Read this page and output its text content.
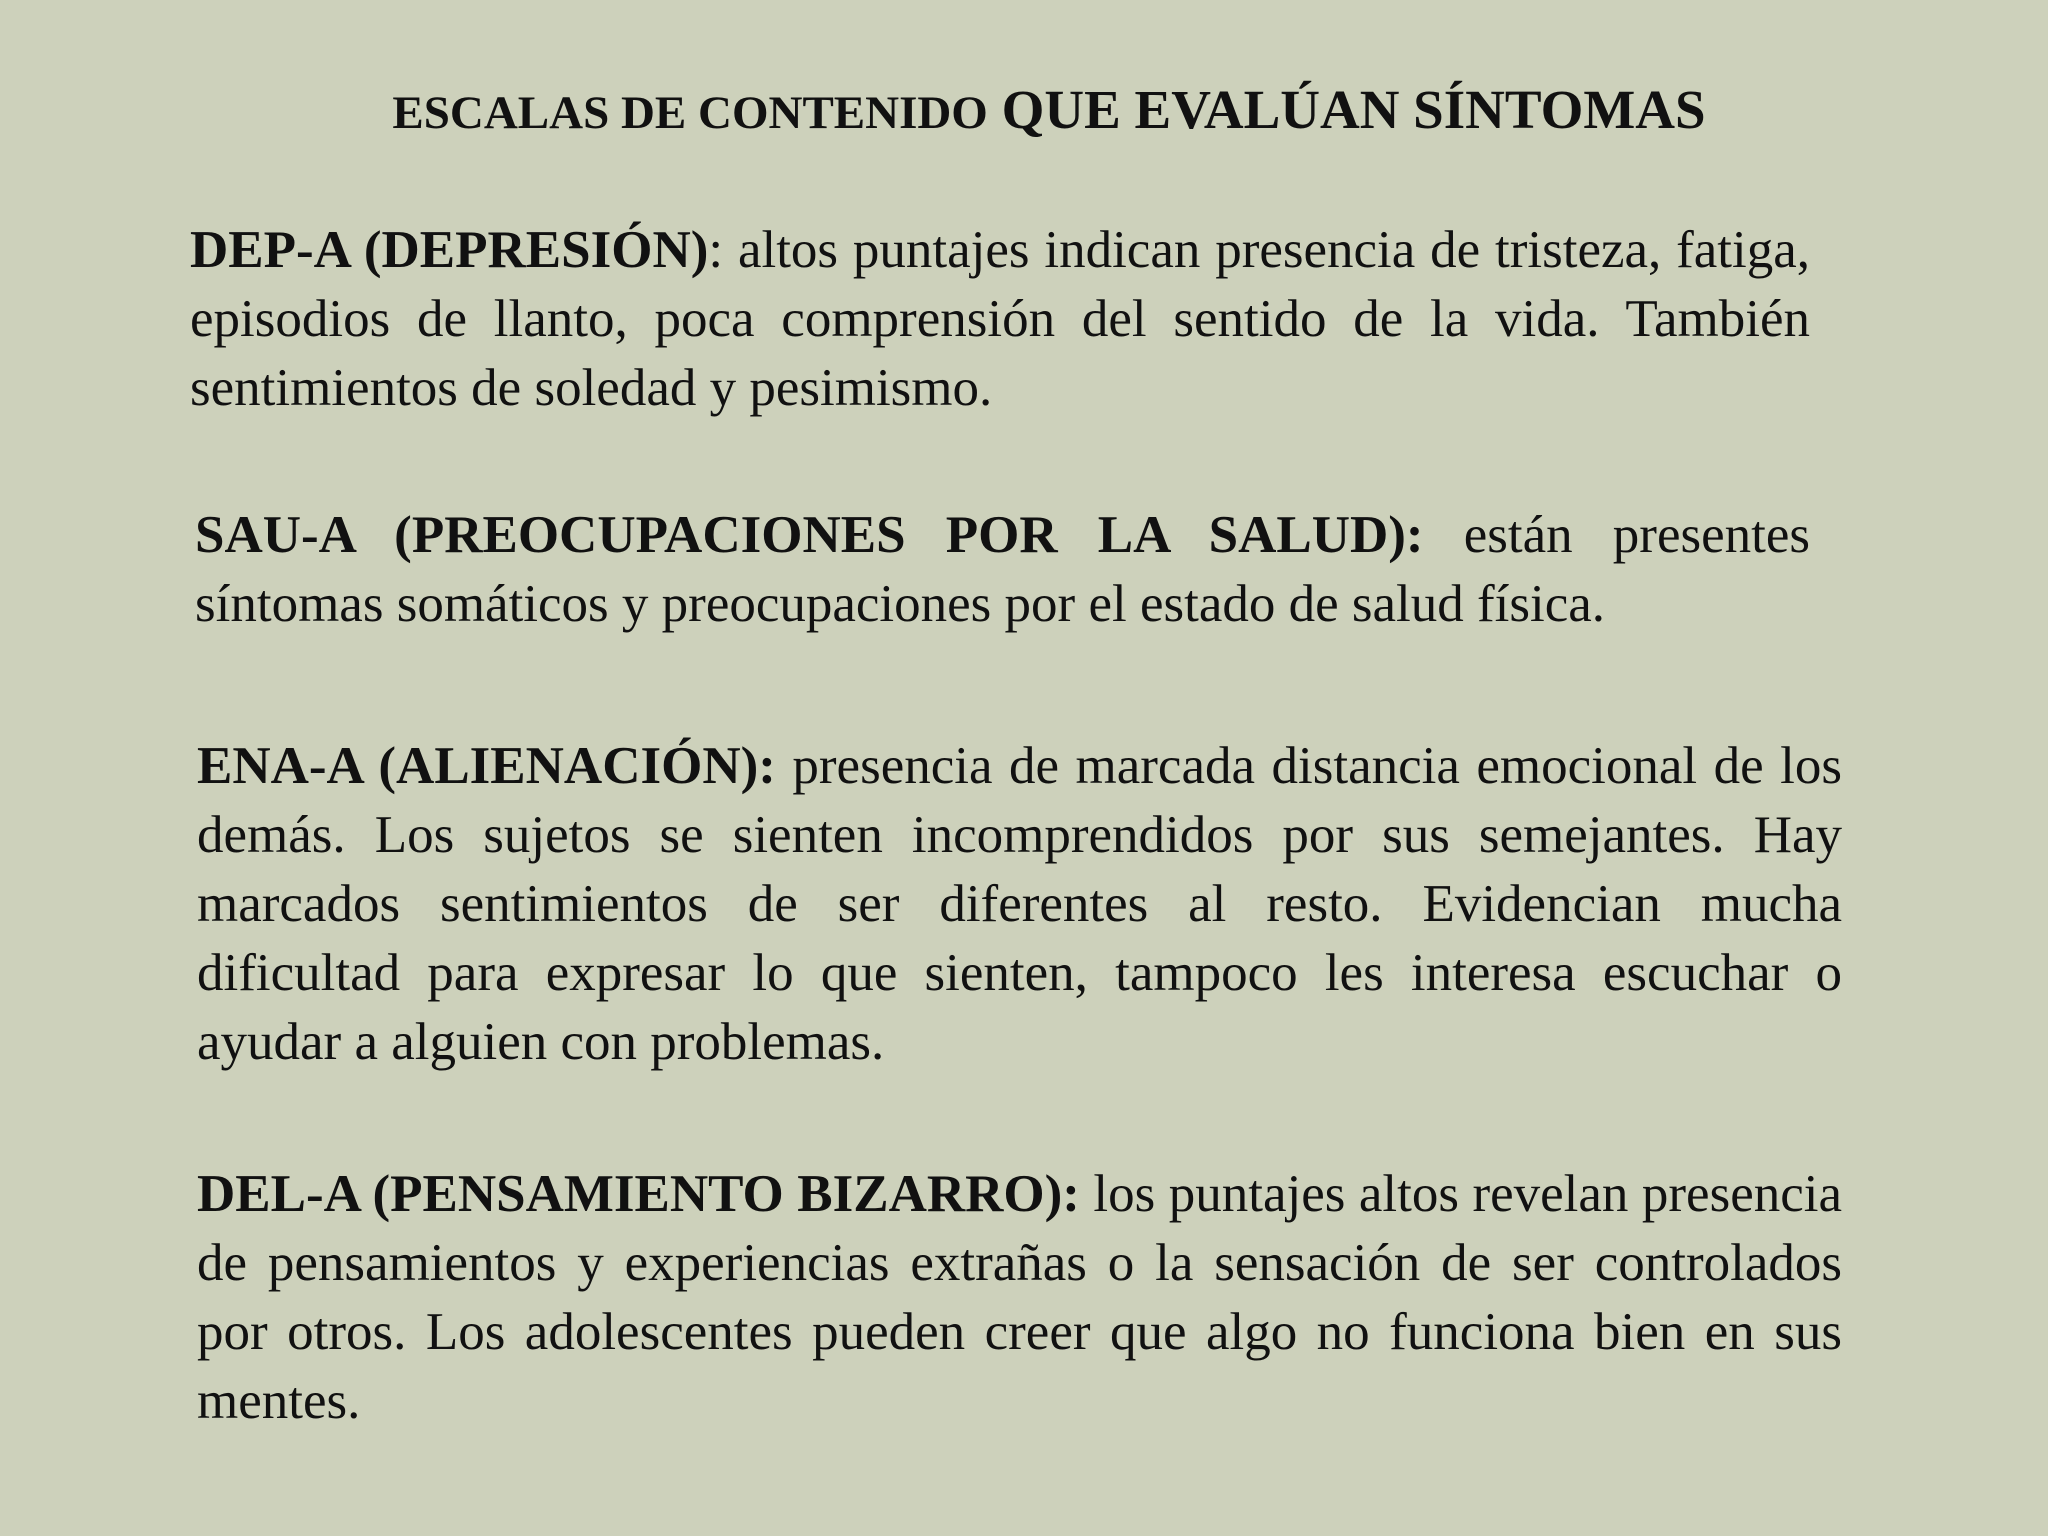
ESCALAS DE CONTENIDO QUE EVALÚAN SÍNTOMAS

DEP-A (DEPRESIÓN): altos puntajes indican presencia de tristeza, fatiga, episodios de llanto, poca comprensión del sentido de la vida. También sentimientos de soledad y pesimismo.

SAU-A (PREOCUPACIONES POR LA SALUD): están presentes síntomas somáticos y preocupaciones por el estado de salud física.

ENA-A (ALIENACIÓN): presencia de marcada distancia emocional de los demás. Los sujetos se sienten incomprendidos por sus semejantes. Hay marcados sentimientos de ser diferentes al resto. Evidencian mucha dificultad para expresar lo que sienten, tampoco les interesa escuchar o ayudar a alguien con problemas.

DEL-A (PENSAMIENTO BIZARRO): los puntajes altos revelan presencia de pensamientos y experiencias extrañas o la sensación de ser controlados por otros. Los adolescentes pueden creer que algo no funciona bien en sus mentes.
